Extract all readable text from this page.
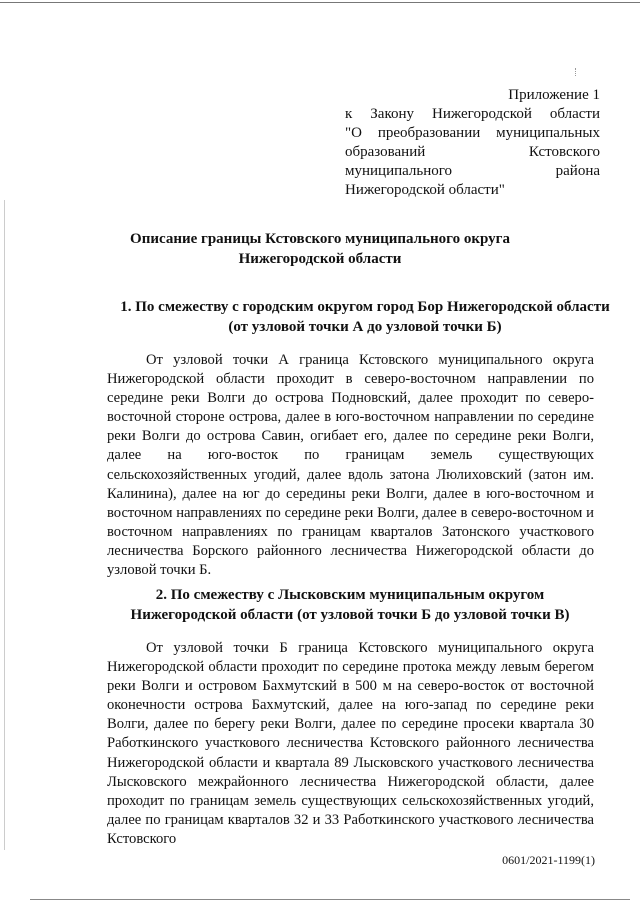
Приложение 1
к Закону Нижегородской области
"О преобразовании муниципальных
образований Кстовского
муниципального района
Нижегородской области"
Описание границы Кстовского муниципального округа Нижегородской области
1. По смежеству с городским округом город Бор Нижегородской области (от узловой точки А до узловой точки Б)
От узловой точки А граница Кстовского муниципального округа Нижегородской области проходит в северо-восточном направлении по середине реки Волги до острова Подновский, далее проходит по северо-восточной стороне острова, далее в юго-восточном направлении по середине реки Волги до острова Савин, огибает его, далее по середине реки Волги, далее на юго-восток по границам земель существующих сельскохозяйственных угодий, далее вдоль затона Люлиховский (затон им. Калинина), далее на юг до середины реки Волги, далее в юго-восточном и восточном направлениях по середине реки Волги, далее в северо-восточном и восточном направлениях по границам кварталов Затонского участкового лесничества Борского районного лесничества Нижегородской области до узловой точки Б.
2. По смежеству с Лысковским муниципальным округом Нижегородской области (от узловой точки Б до узловой точки В)
От узловой точки Б граница Кстовского муниципального округа Нижегородской области проходит по середине протока между левым берегом реки Волги и островом Бахмутский в 500 м на северо-восток от восточной оконечности острова Бахмутский, далее на юго-запад по середине реки Волги, далее по берегу реки Волги, далее по середине просеки квартала 30 Работкинского участкового лесничества Кстовского районного лесничества Нижегородской области и квартала 89 Лысковского участкового лесничества Лысковского межрайонного лесничества Нижегородской области, далее проходит по границам земель существующих сельскохозяйственных угодий, далее по границам кварталов 32 и 33 Работкинского участкового лесничества Кстовского
0601/2021-1199(1)
